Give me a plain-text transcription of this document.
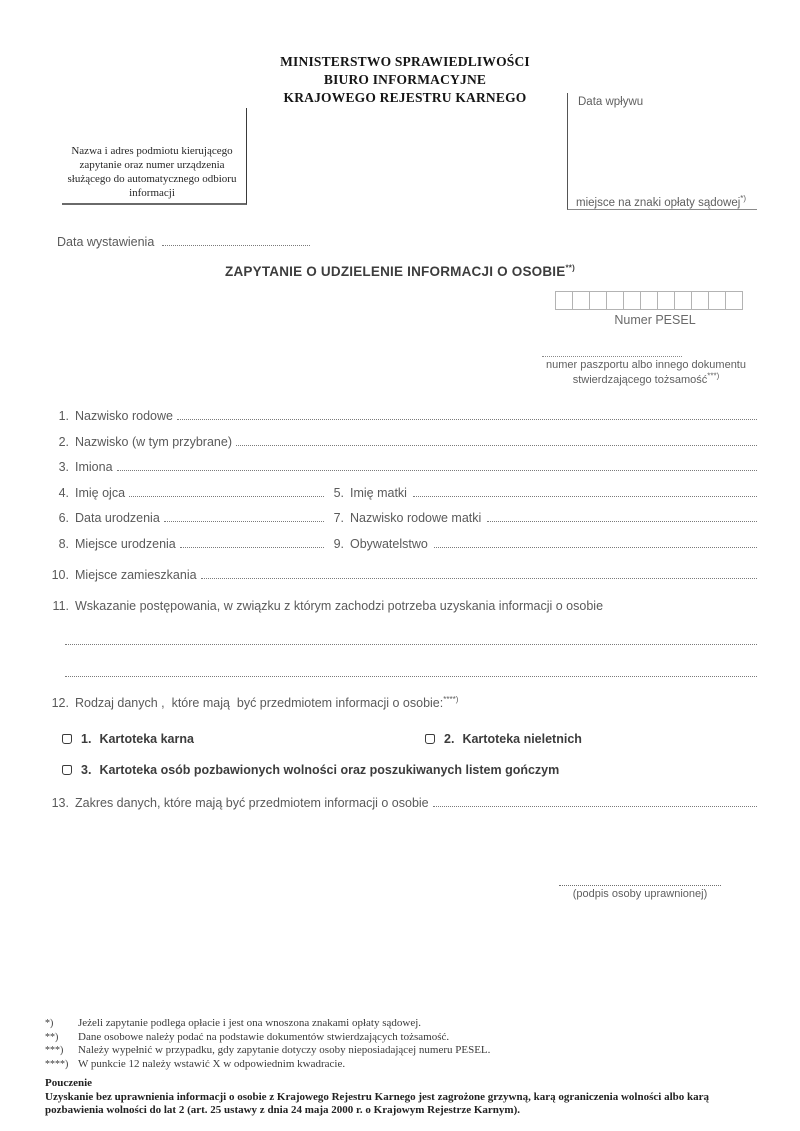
MINISTERSTWO SPRAWIEDLIWOŚCI
BIURO INFORMACYJNE
KRAJOWEGO REJESTRU KARNEGO
Nazwa i adres podmiotu kierującego zapytanie oraz numer urządzenia służącego do automatycznego odbioru informacji
Data wpływu
miejsce na znaki opłaty sądowej*)
Data wystawienia
ZAPYTANIE O UDZIELENIE INFORMACJI O OSOBIE**)
Numer PESEL
numer paszportu albo innego dokumentu
stwierdzającego tożsamość***)
1. Nazwisko rodowe
2. Nazwisko (w tym przybrane)
3. Imiona
4. Imię ojca	5. Imię matki
6. Data urodzenia	7. Nazwisko rodowe matki
8. Miejsce urodzenia	9. Obywatelstwo
10. Miejsce zamieszkania
11. Wskazanie postępowania, w związku z którym zachodzi potrzeba uzyskania informacji o osobie
12. Rodzaj danych ,  które mają  być przedmiotem informacji o osobie:****)
1. Kartoteka karna	2. Kartoteka nieletnich
3. Kartoteka osób pozbawionych wolności oraz poszukiwanych listem gończym
13. Zakres danych, które mają być przedmiotem informacji o osobie
(podpis osoby uprawnionej)
*)	Jeżeli zapytanie podlega opłacie i jest ona wnoszona znakami opłaty sądowej.
**)	Dane osobowe należy podać na podstawie dokumentów stwierdzających tożsamość.
***)	Należy wypełnić w przypadku, gdy zapytanie dotyczy osoby nieposiadającej numeru PESEL.
****) W punkcie 12 należy wstawić X w odpowiednim kwadracie.
Pouczenie
Uzyskanie bez uprawnienia informacji o osobie z Krajowego Rejestru Karnego jest zagrożone grzywną, karą ograniczenia wolności albo karą pozbawienia wolności do lat 2 (art. 25 ustawy z dnia 24 maja 2000 r. o Krajowym Rejestrze Karnym).
